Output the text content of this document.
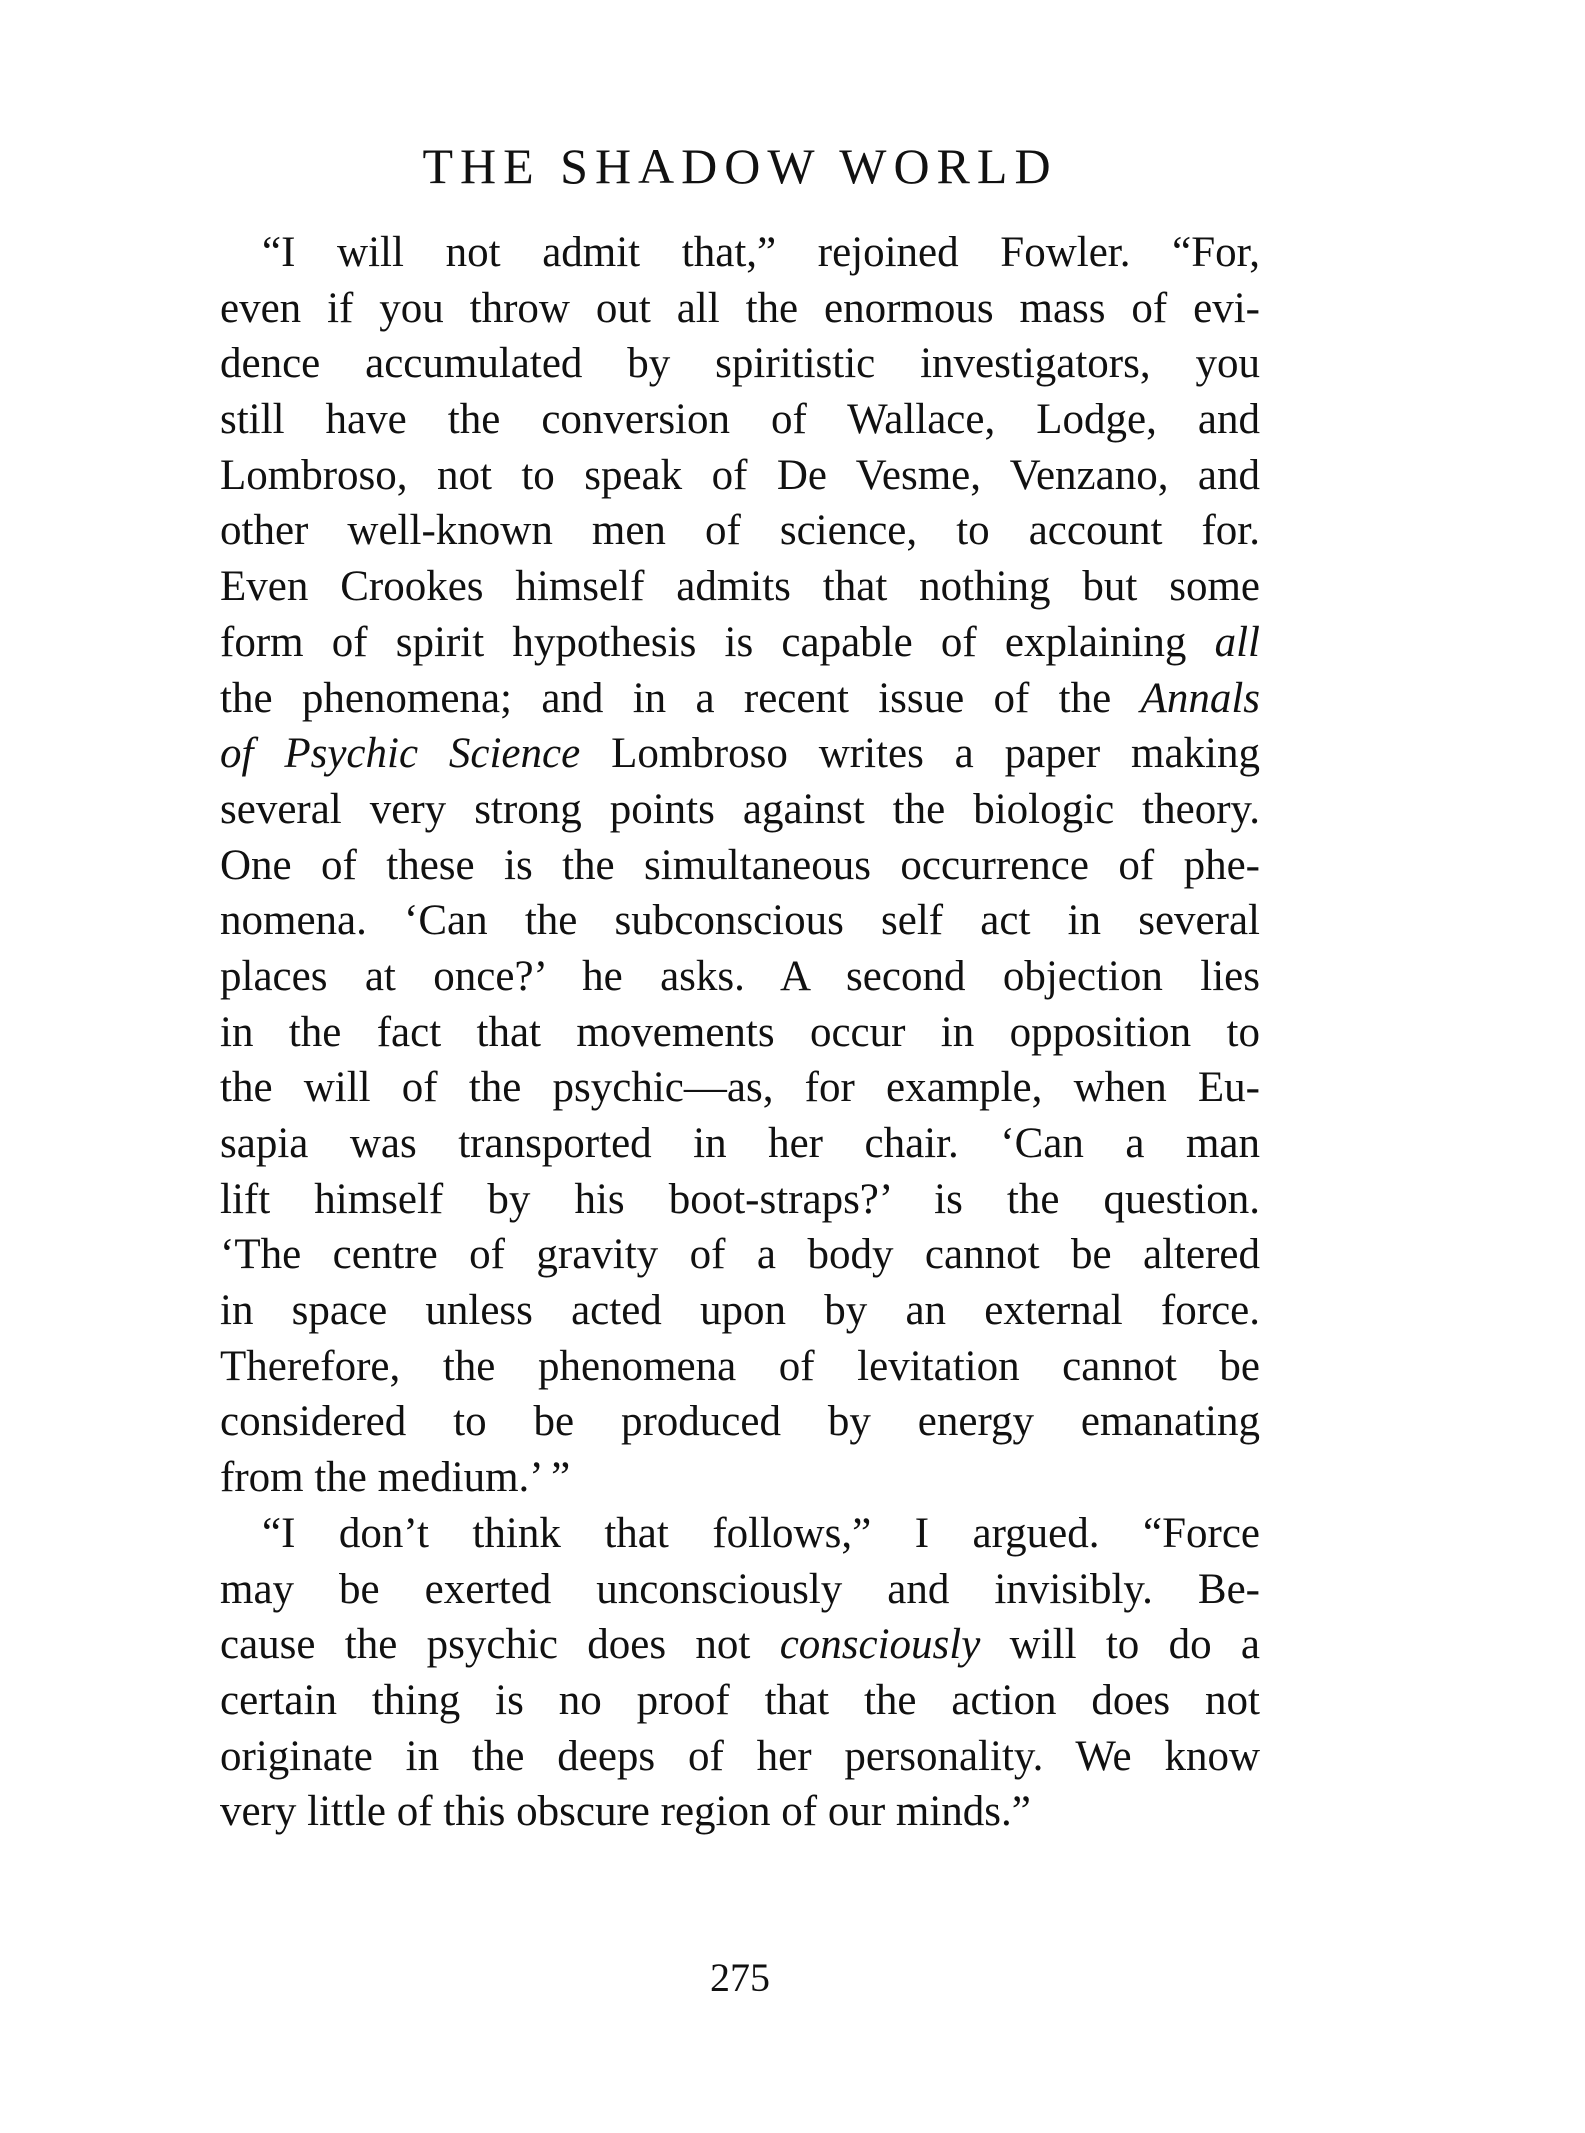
THE SHADOW WORLD
“I will not admit that,” rejoined Fowler. “For,
even if you throw out all the enormous mass of evi-
dence accumulated by spiritistic investigators, you
still have the conversion of Wallace, Lodge, and
Lombroso, not to speak of De Vesme, Venzano, and
other well-known men of science, to account for.
Even Crookes himself admits that nothing but some
form of spirit hypothesis is capable of explaining all
the phenomena; and in a recent issue of the Annals
of Psychic Science Lombroso writes a paper making
several very strong points against the biologic theory.
One of these is the simultaneous occurrence of phe-
nomena. ‘Can the subconscious self act in several
places at once?’ he asks. A second objection lies
in the fact that movements occur in opposition to
the will of the psychic—as, for example, when Eu-
sapia was transported in her chair. ‘Can a man
lift himself by his boot-straps?’ is the question.
‘The centre of gravity of a body cannot be altered
in space unless acted upon by an external force.
Therefore, the phenomena of levitation cannot be
considered to be produced by energy emanating
from the medium.’ ”
“I don’t think that follows,” I argued. “Force
may be exerted unconsciously and invisibly. Be-
cause the psychic does not consciously will to do a
certain thing is no proof that the action does not
originate in the deeps of her personality. We know
very little of this obscure region of our minds.”
275
